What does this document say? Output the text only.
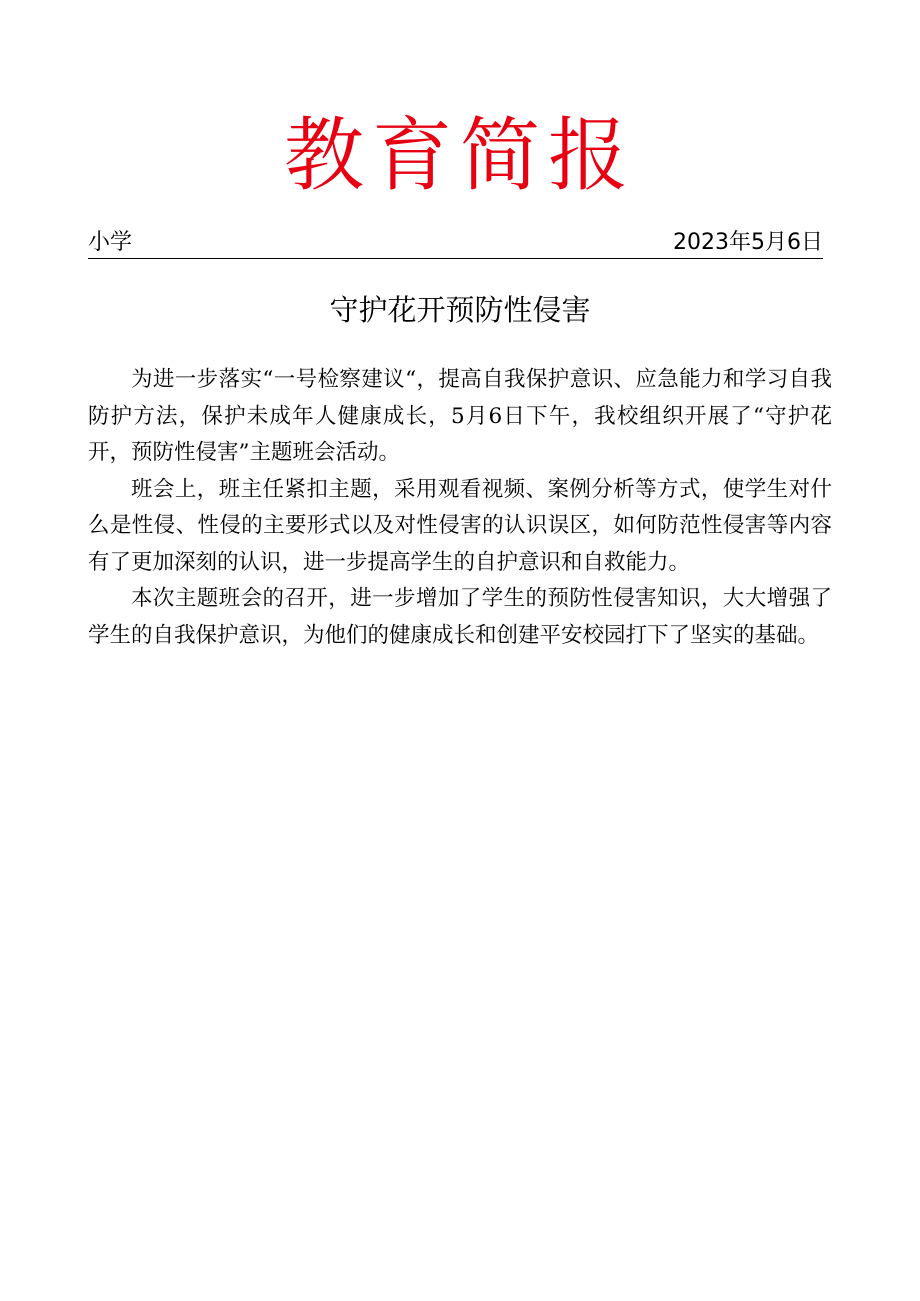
教育简报
小学	2023年5月6日
守护花开预防性侵害

为进一步落实“一号检察建议“，提高自我保护意识、应急能力和学习自我防护方法，保护未成年人健康成长，5月6日下午，我校组织开展了“守护花开，预防性侵害”主题班会活动。

班会上，班主任紧扣主题，采用观看视频、案例分析等方式，使学生对什么是性侵、性侵的主要形式以及对性侵害的认识误区，如何防范性侵害等内容有了更加深刻的认识，进一步提高学生的自护意识和自救能力。

本次主题班会的召开，进一步增加了学生的预防性侵害知识，大大增强了学生的自我保护意识，为他们的健康成长和创建平安校园打下了坚实的基础。
